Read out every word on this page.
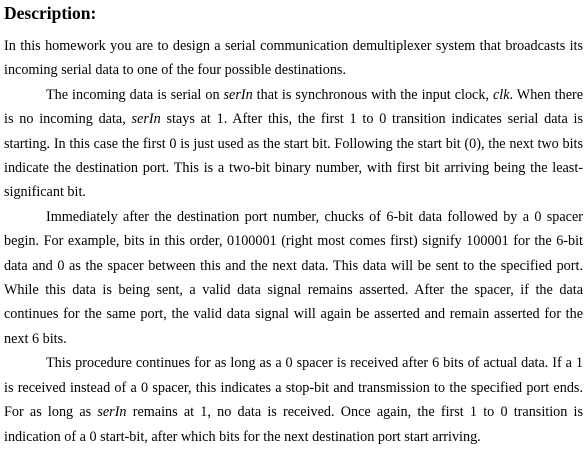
Description:

In this homework you are to design a serial communication demultiplexer system that broadcasts its incoming serial data to one of the four possible destinations.

The incoming data is serial on serIn that is synchronous with the input clock, clk. When there is no incoming data, serIn stays at 1. After this, the first 1 to 0 transition indicates serial data is starting. In this case the first 0 is just used as the start bit. Following the start bit (0), the next two bits indicate the destination port. This is a two-bit binary number, with first bit arriving being the least-significant bit.

Immediately after the destination port number, chucks of 6-bit data followed by a 0 spacer begin. For example, bits in this order, 0100001 (right most comes first) signify 100001 for the 6-bit data and 0 as the spacer between this and the next data. This data will be sent to the specified port. While this data is being sent, a valid data signal remains asserted. After the spacer, if the data continues for the same port, the valid data signal will again be asserted and remain asserted for the next 6 bits.

This procedure continues for as long as a 0 spacer is received after 6 bits of actual data. If a 1 is received instead of a 0 spacer, this indicates a stop-bit and transmission to the specified port ends. For as long as serIn remains at 1, no data is received. Once again, the first 1 to 0 transition is indication of a 0 start-bit, after which bits for the next destination port start arriving.
